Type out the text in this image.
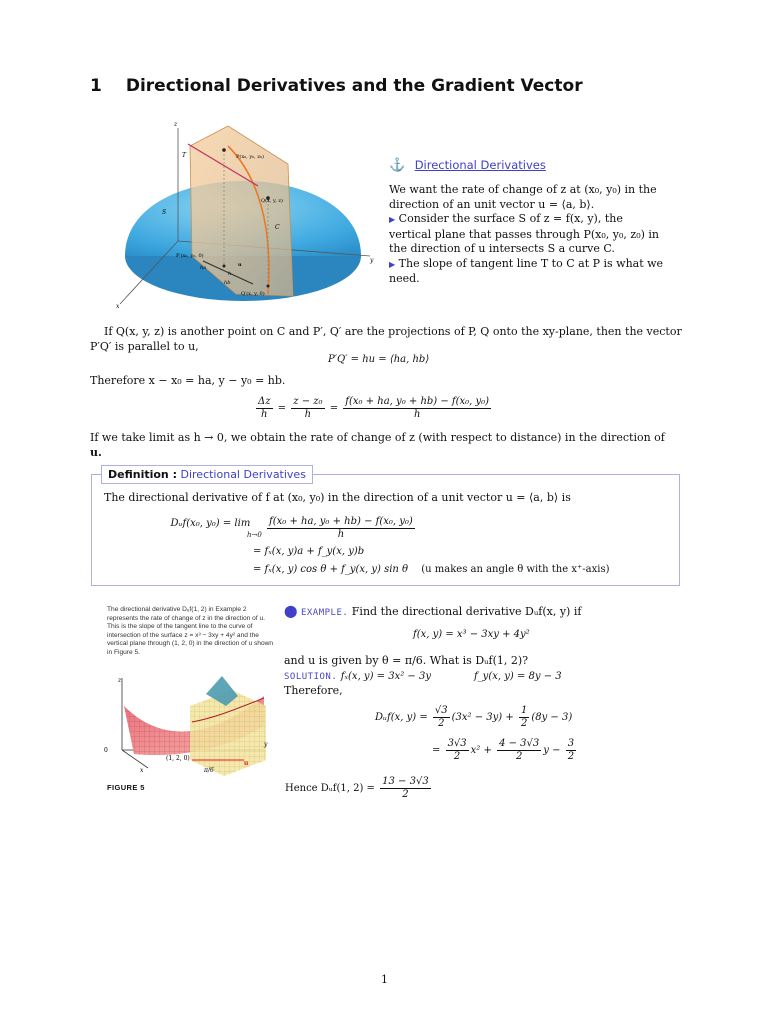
1 Directional Derivatives and the Gradient Vector
z
x
y
T
S
C
P(x₀, y₀, z₀)
Q(x, y, z)
P′(x₀, y₀, 0)
u
ha
h
hb
Q′(x, y, 0)
⚓ Directional Derivatives
We want the rate of change of z at (x₀, y₀) in the direction of an unit vector u = ⟨a, b⟩.
▶ Consider the surface S of z = f(x, y), the vertical plane that passes through P(x₀, y₀, z₀) in the direction of u intersects S a curve C.
▶ The slope of tangent line T to C at P is what we need.
If Q(x, y, z) is another point on C and P′, Q′ are the projections of P, Q onto the xy-plane, then the vector
P′Q′ is parallel to u,
P′Q′ = hu = ⟨ha, hb⟩
Therefore x − x₀ = ha, y − y₀ = hb.
$\frac{\Delta z}{h} = \frac{\text{z − z₀}}{h} = \frac{\text{f(x₀ + ha, y₀ + hb) − f(x₀, y₀)}}{h}$
If we take limit as h → 0, we obtain the rate of change of z (with respect to distance) in the direction of
u.
Definition : Directional Derivatives
The directional derivative of f at (x₀, y₀) in the direction of a unit vector u = ⟨a, b⟩ is
Dᵤf(x₀, y₀) = lim
$h\to 0 \frac{\text{f(x₀ + ha, y₀ + hb) − f(x₀, y₀)}}{h}$
= fₓ(x, y)a + f_y(x, y)b
= fₓ(x, y) cos θ + f_y(x, y) sin θ (u makes an angle θ with the x⁺-axis)
The directional derivative Dᵤf(1, 2) in Example 2 represents the rate of change of z in the direction of u. This is the slope of the tangent line to the curve of intersection of the surface z = x³ − 3xy + 4y² and the vertical plane through (1, 2, 0) in the direction of u shown in Figure 5.
z
x
y
0
(1, 2, 0)
π/6
u
FIGURE 5
⬤ EXAMPLE. Find the directional derivative Dᵤf(x, y) if
f(x, y) = x³ − 3xy + 4y²
and u is given by θ = π/6. What is Dᵤf(1, 2)?
SOLUTION. fₓ(x, y) = 3x² − 3y	f_y(x, y) = 8y − 3
Therefore,
Dᵤf(x, $y) = \frac{√3}{2} (3x^2 - 3y) + \frac{1}{2} (8y - 3)$
= $\frac{3√3}{2} x^2 + \frac{4 - 3√3}{2}$ $y - \frac{3}{2}$
Hence Dᵤf(1, $2) = \frac{13 - 3√3}{2}$
1
